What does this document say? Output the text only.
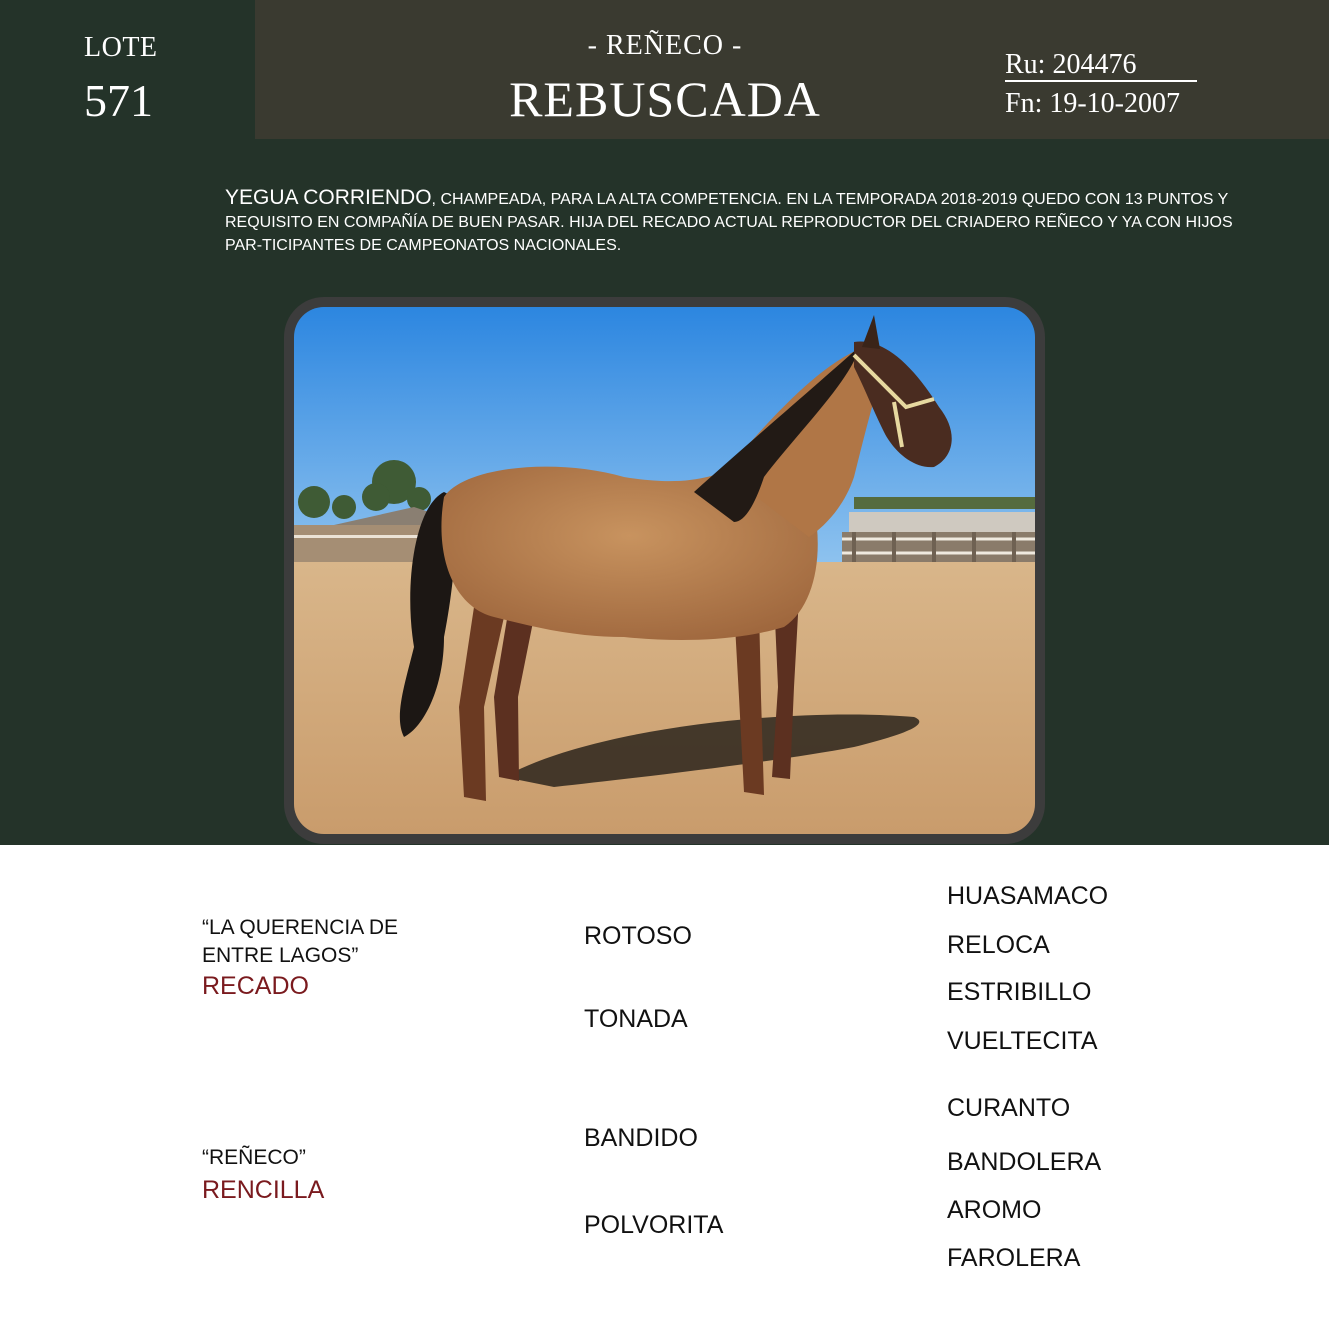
LOTE
571
- REÑECO -
REBUSCADA
Ru: 204476
Fn: 19-10-2007
YEGUA CORRIENDO, CHAMPEADA, PARA LA ALTA COMPETENCIA. EN LA TEMPORADA 2018-2019 QUEDO CON 13 PUNTOS Y REQUISITO EN COMPAÑÍA DE BUEN PASAR. HIJA DEL RECADO ACTUAL REPRODUCTOR DEL CRIADERO REÑECO Y YA CON HIJOS PAR-TICIPANTES DE CAMPEONATOS NACIONALES.
“LA QUERENCIA DE
ENTRE LAGOS”
RECADO
“REÑECO”
RENCILLA
ROTOSO
TONADA
BANDIDO
POLVORITA
HUASAMACO
RELOCA
ESTRIBILLO
VUELTECITA
CURANTO
BANDOLERA
AROMO
FAROLERA
